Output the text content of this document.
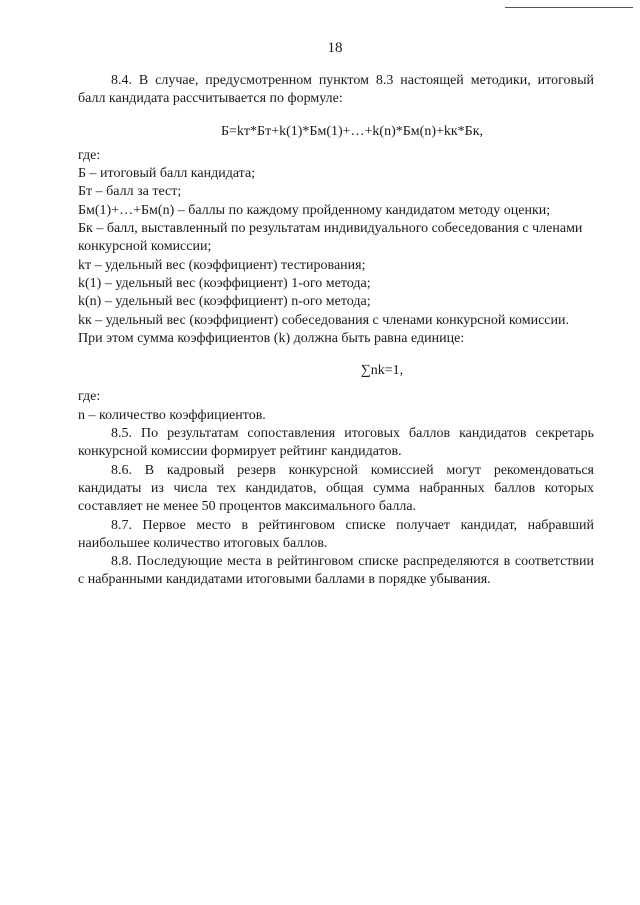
18

8.4. В случае, предусмотренном пунктом 8.3 настоящей методики, итоговый балл кандидата рассчитывается по формуле:

Б=kт*Бт+k(1)*Бм(1)+…+k(n)*Бм(n)+kк*Бк,

где:

Б – итоговый балл кандидата;

Бт – балл за тест;

Бм(1)+…+Бм(n) – баллы по каждому пройденному кандидатом методу оценки;

Бк – балл, выставленный по результатам индивидуального собеседования с членами конкурсной комиссии;

kт – удельный вес (коэффициент) тестирования;

k(1) – удельный вес (коэффициент) 1-ого метода;

k(n) – удельный вес (коэффициент) n-ого метода;

kк – удельный вес (коэффициент) собеседования с членами конкурсной комиссии.

При этом сумма коэффициентов (k) должна быть равна единице:

∑nk=1,

где:

n – количество коэффициентов.

8.5. По результатам сопоставления итоговых баллов кандидатов секретарь конкурсной комиссии формирует рейтинг кандидатов.

8.6. В кадровый резерв конкурсной комиссией могут рекомендоваться кандидаты из числа тех кандидатов, общая сумма набранных баллов которых составляет не менее 50 процентов максимального балла.

8.7. Первое место в рейтинговом списке получает кандидат, набравший наибольшее количество итоговых баллов.

8.8. Последующие места в рейтинговом списке распределяются в соответствии с набранными кандидатами итоговыми баллами в порядке убывания.
